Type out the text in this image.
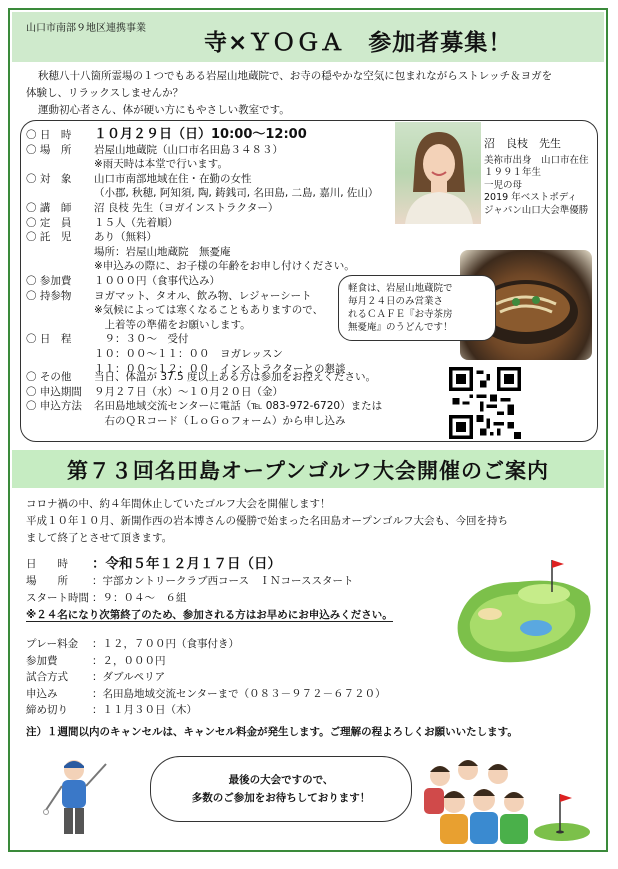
山口市南部９地区連携事業
寺×ＹＯＧＡ　参加者募集！

秋穂八十八箇所霊場の１つでもある岩屋山地蔵院で、お寺の穏やかな空気に包まれながらストレッチ＆ヨガを

体験し、リラックスしませんか？

運動初心者さん、体が硬い方にもやさしい教室です。

〇 日　時	１０月２９日（日）10:00～12:00
〇 場　所	岩屋山地蔵院（山口市名田島３４８３）
※雨天時は本堂で行います。
〇 対　象	山口市南部地域在住・在勤の女性
（小郡, 秋穂, 阿知須, 陶, 鋳銭司, 名田島, 二島, 嘉川, 佐山）
〇 講　師	沼 良枝 先生（ヨガインストラクター）
〇 定　員	１５人（先着順）
〇 託　児	あり（無料）
場所：岩屋山地蔵院　無憂庵
※申込みの際に、お子様の年齢をお申し付けください。
〇 参加費	１０００円（食事代込み）
〇 持参物	ヨガマット、タオル、飲み物、レジャーシート
※気候によっては寒くなることもありますので、
　上着等の準備をお願いします。
〇 日　程	　９：３０～　受付
１０：００～１１：００　ヨガレッスン
１１：００～１２：００　インストラクターとの懇談
〇 その他	当日、体温が 37.5 度以上ある方は参加をお控えください。
〇 申込期間	９月２７日（水）～１０月２０日（金）
〇 申込方法	名田島地域交流センターに電話（℡ 083-972-6720）または
　右のＱＲコード（ＬｏＧｏフォーム）から申し込み
沼　良枝　先生
美祢市出身　山口市在住
１９９１年生
一児の母
2019 年ベストボディ
ジャパン山口大会準優勝
軽食は、岩屋山地蔵院で
毎月２４日のみ営業さ
れるＣＡＦＥ『お寺茶房
無憂庵』のうどんです！
第７３回名田島オープンゴルフ大会開催のご案内

コロナ禍の中、約４年間休止していたゴルフ大会を開催します！

平成１０年１０月、新開作西の岩本博さんの優勝で始まった名田島オープンゴルフ大会も、今回を持ち

まして終了とさせて頂きます。

日　　時	：令和５年１２月１７日（日）
場　　所	：宇部カントリークラブ西コース　ＩＮコーススタート
スタート時間 ：９：０４～　６組
※２４名になり次第終了のため、参加される方はお早めにお申込みください。
プレー料金	：１２，７００円（食事付き）
参加費	：２，０００円
試合方式	：ダブルペリア
申込み	：名田島地域交流センターまで（０８３－９７２－６７２０）
締め切り	：１１月３０日（木）
注）１週間以内のキャンセルは、キャンセル料金が発生します。ご理解の程よろしくお願いいたします。
最後の大会ですので、
多数のご参加をお待ちしております！
